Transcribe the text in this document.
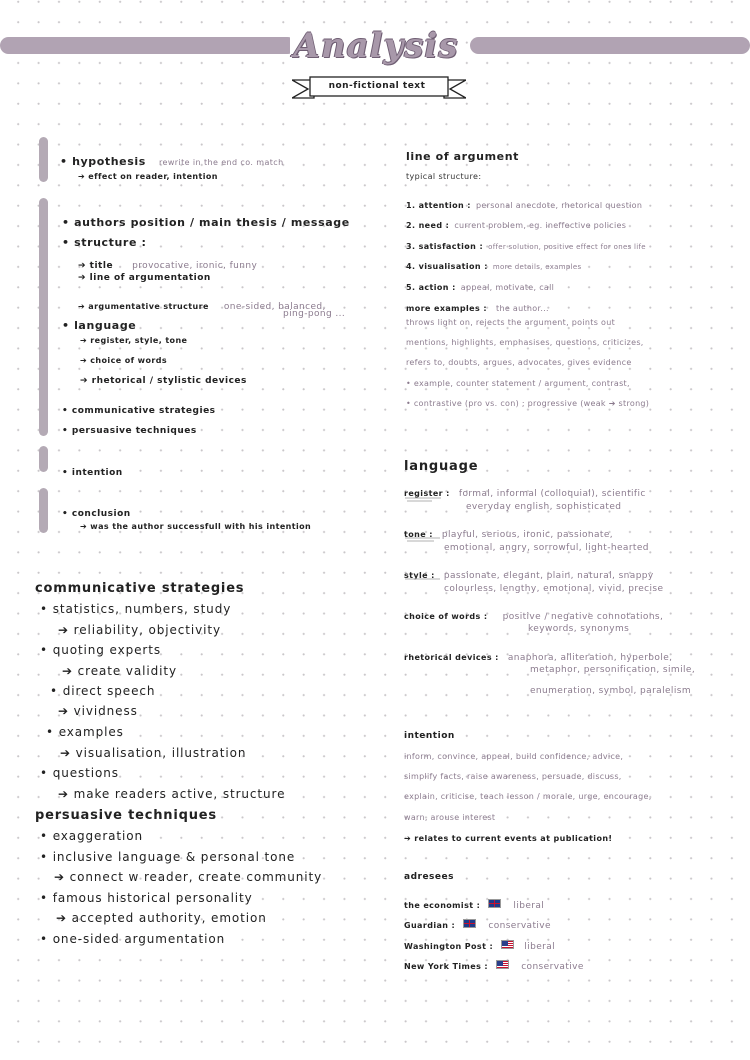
Analysis
non-fictional text
• hypothesis rewrite in the end co. match
➔ effect on reader, intention
• authors position / main thesis / message
• structure :
➔ title provocative, ironic, funny
➔ line of argumentation
➔ argumentative structure one-sided, balanced,
ping-pong ...
• language
➔ register, style, tone
➔ choice of words
➔ rhetorical / stylistic devices
• communicative strategies
• persuasive techniques
• intention
• conclusion
➔ was the author successfull with his intention
communicative strategies
• statistics, numbers, study
➔ reliability, objectivity
• quoting experts
➔ create validity
• direct speech
➔ vividness
• examples
➔ visualisation, illustration
• questions
➔ make readers active, structure
persuasive techniques
• exaggeration
• inclusive language & personal tone
➔ connect w reader, create community
• famous historical personality
➔ accepted authority, emotion
• one-sided argumentation
line of argument
typical structure:
1. attention : personal anecdote, rhetorical question
2. need : current problem, eg. ineffective policies
3. satisfaction : offer solution, positive effect for ones life
4. visualisation : more details, examples
5. action : appeal, motivate, call
more examples : the author...
throws light on, rejects the argument, points out
mentions, highlights, emphasises, questions, criticizes,
refers to, doubts, argues, advocates, gives evidence
• example, counter statement / argument, contrast,
• contrastive (pro vs. con) ; progressive (weak ➔ strong)
language
register : formal, informal (colloquial), scientific
everyday english, sophisticated
tone : playful, serious, ironic, passionate,
emotional, angry, sorrowful, light-hearted
style : passionate, elegant, plain, natural, snappy
colourless, lengthy, emotional, vivid, precise
choice of words : positive / negative connotations,
keywords, synonyms
rhetorical devices : anaphora, alliteration, hyperbole,
metaphor, personification, simile,
enumeration, symbol, paralelism
intention
inform, convince, appeal, build confidence, advice,
simplify facts, raise awareness, persuade, discuss,
explain, criticise, teach lesson / morale, urge, encourage,
warn, arouse interest
➔ relates to current events at publication!
adresees
the economist :	liberal
Guardian :	conservative
Washington Post :	liberal
New York Times :	conservative
